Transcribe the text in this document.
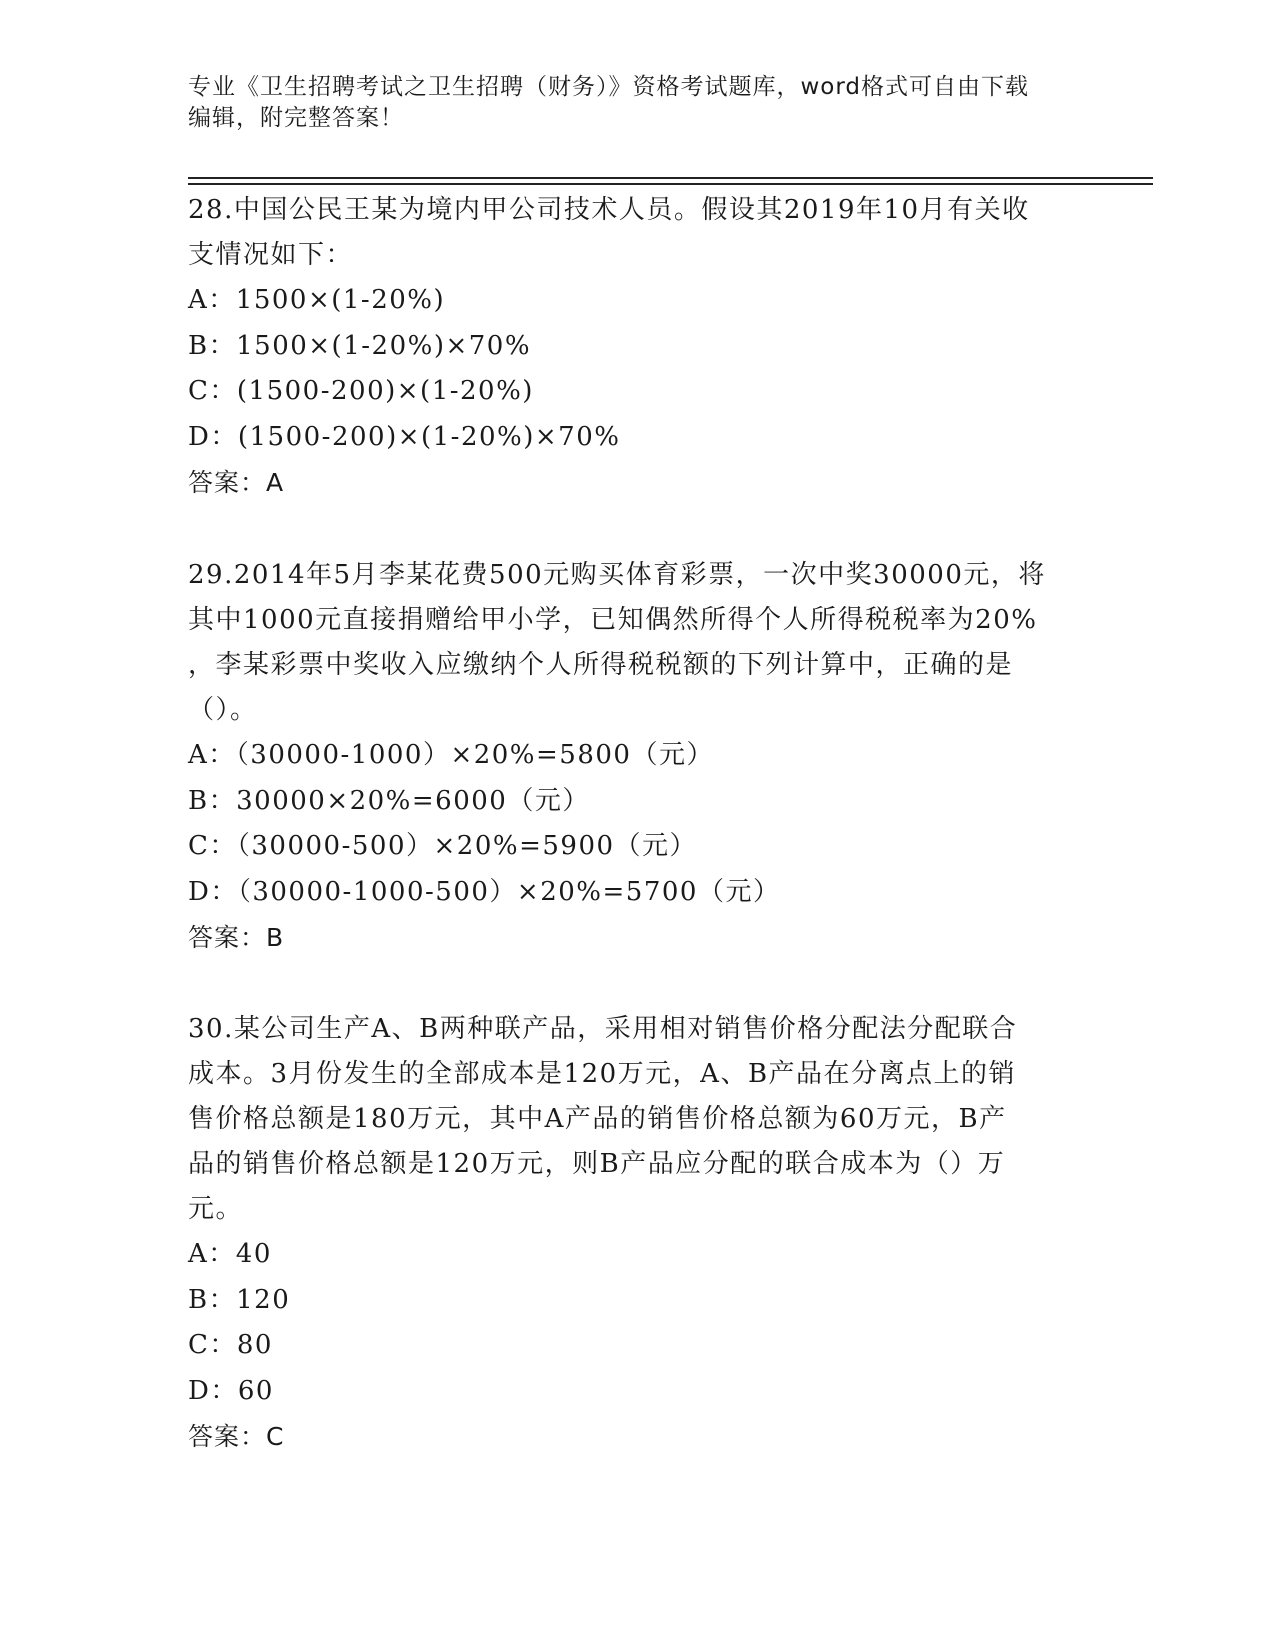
专业《卫生招聘考试之卫生招聘（财务）》资格考试题库，word格式可自由下载
编辑，附完整答案！
28.中国公民王某为境内甲公司技术人员。假设其2019年10月有关收
支情况如下：
A：1500×(1-20%)
B：1500×(1-20%)×70%
C：(1500-200)×(1-20%)
D：(1500-200)×(1-20%)×70%
答案：A
29.2014年5月李某花费500元购买体育彩票，一次中奖30000元，将
其中1000元直接捐赠给甲小学，已知偶然所得个人所得税税率为20%
，李某彩票中奖收入应缴纳个人所得税税额的下列计算中，正确的是
（）。
A：（30000-1000）×20%=5800（元）
B：30000×20%=6000（元）
C：（30000-500）×20%=5900（元）
D：（30000-1000-500）×20%=5700（元）
答案：B
30.某公司生产A、B两种联产品，采用相对销售价格分配法分配联合
成本。3月份发生的全部成本是120万元，A、B产品在分离点上的销
售价格总额是180万元，其中A产品的销售价格总额为60万元，B产
品的销售价格总额是120万元，则B产品应分配的联合成本为（）万
元。
A：40
B：120
C：80
D：60
答案：C
